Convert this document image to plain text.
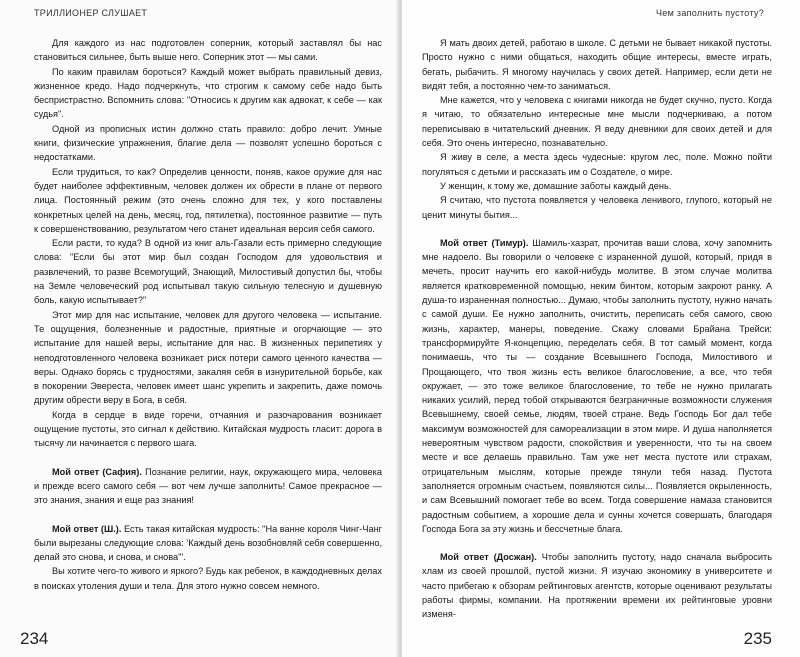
ТРИЛЛИОНЕР СЛУШАЕТ

Для каждого из нас подготовлен соперник, который заставлял бы нас становиться сильнее, быть выше него. Соперник этот — мы сами.

По каким правилам бороться? Каждый может выбрать правильный девиз, жизненное кредо. Надо подчеркнуть, что строгим к самому себе надо быть беспристрастно. Вспомнить слова: "Относись к другим как адвокат, к себе — как судья".

Одной из прописных истин должно стать правило: добро лечит. Умные книги, физические упражнения, благие дела — позволят успешно бороться с недостатками.

Если трудиться, то как? Определив ценности, поняв, какое оружие для нас будет наиболее эффективным, человек должен их обрести в плане от первого лица. Постоянный режим (это очень сложно для тех, у кого поставлены конкретных целей на день, месяц, год, пятилетка), постоянное развитие — путь к совершенствованию, результатом чего станет идеальная версия себя самого.

Если расти, то куда? В одной из книг аль-Газали есть примерно следующие слова: "Если бы этот мир был создан Господом для удовольствия и развлечений, то разве Всемогущий, Знающий, Милостивый допустил бы, чтобы на Земле человеческий род испытывал такую сильную телесную и душевную боль, какую испытывает?"

Этот мир для нас испытание, человек для другого человека — испытание. Те ощущения, болезненные и радостные, приятные и огорчающие — это испытание для нашей веры, испытание для нас. В жизненных перипетиях у неподготовленного человека возникает риск потери самого ценного качества — веры. Однако борясь с трудностями, закаляя себя в изнурительной борьбе, как в покорении Эвереста, человек имеет шанс укрепить и закрепить, даже помочь другим обрести веру в Бога, в себя.

Когда в сердце в виде горечи, отчаяния и разочарования возникает ощущение пустоты, это сигнал к действию. Китайская мудрость гласит: дорога в тысячу ли начинается с первого шага.

Мой ответ (Сафия). Познание религии, наук, окружающего мира, человека и прежде всего самого себя — вот чем лучше заполнить! Самое прекрасное — это знания, знания и еще раз знания!

Мой ответ (Ш.). Есть такая китайская мудрость: "На ванне короля Чинг-Чанг были вырезаны следующие слова: 'Каждый день возобновляй себя совершенно, делай это снова, и снова, и снова'".

Вы хотите чего-то живого и яркого? Будь как ребенок, в каждодневных делах в поисках утоления души и тела. Для этого нужно совсем немного.

234
Чем заполнить пустоту?

Я мать двоих детей, работаю в школе. С детьми не бывает никакой пустоты. Просто нужно с ними общаться, находить общие интересы, вместе играть, бегать, рыбачить. Я многому научилась у своих детей. Например, если дети не видят тебя, а постоянно чем-то заниматься.

Мне кажется, что у человека с книгами никогда не будет скучно, пусто. Когда я читаю, то обязательно интересные мне мысли подчеркиваю, а потом переписываю в читательский дневник. Я веду дневники для своих детей и для себя. Это очень интересно, познавательно.

Я живу в селе, а места здесь чудесные: кругом лес, поле. Можно пойти погуляться с детьми и рассказать им о Создателе, о мире.

У женщин, к тому же, домашние заботы каждый день.

Я считаю, что пустота появляется у человека ленивого, глупого, который не ценит минуты бытия...

Мой ответ (Тимур). Шамиль-хазрат, прочитав ваши слова, хочу запомнить мне надоело. Вы говорили о человеке с израненной душой, который, придя в мечеть, просит научить его какой-нибудь молитве. В этом случае молитва является кратковременной помощью, неким бинтом, которым закроют ранку. А душа-то израненная полностью... Думаю, чтобы заполнить пустоту, нужно начать с самой души. Ее нужно заполнить, очистить, переписать себя самого, свою жизнь, характер, манеры, поведение. Скажу словами Брайана Трейси: трансформируйте Я-концепцию, переделать себя. В тот самый момент, когда понимаешь, что ты — создание Всевышнего Господа, Милостивого и Прощающего, что твоя жизнь есть великое благословение, а все, что тебя окружает, — это тоже великое благословение, то тебе не нужно прилагать никаких усилий, перед тобой открываются безграничные возможности служения Всевышнему, своей семье, людям, твоей стране. Ведь Господь Бог дал тебе максимум возможностей для самореализации в этом мире. И душа наполняется невероятным чувством радости, спокойствия и уверенности, что ты на своем месте и все делаешь правильно. Там уже нет места пустоте или страхам, отрицательным мыслям, которые прежде тянули тебя назад. Пустота заполняется огромным счастьем, появляются силы... Появляется окрыленность, и сам Всевышний помогает тебе во всем. Тогда совершение намаза становится радостным событием, а хорошие дела и сунны хочется совершать, благодаря Господа Бога за эту жизнь и бессчетные блага.

Мой ответ (Досжан). Чтобы заполнить пустоту, надо сначала выбросить хлам из своей прошлой, пустой жизни. Я изучаю экономику в университете и часто прибегаю к обзорам рейтинговых агентств, которые оценивают результаты работы фирмы, компании. На протяжении времени их рейтинговые уровни изменя-

235
